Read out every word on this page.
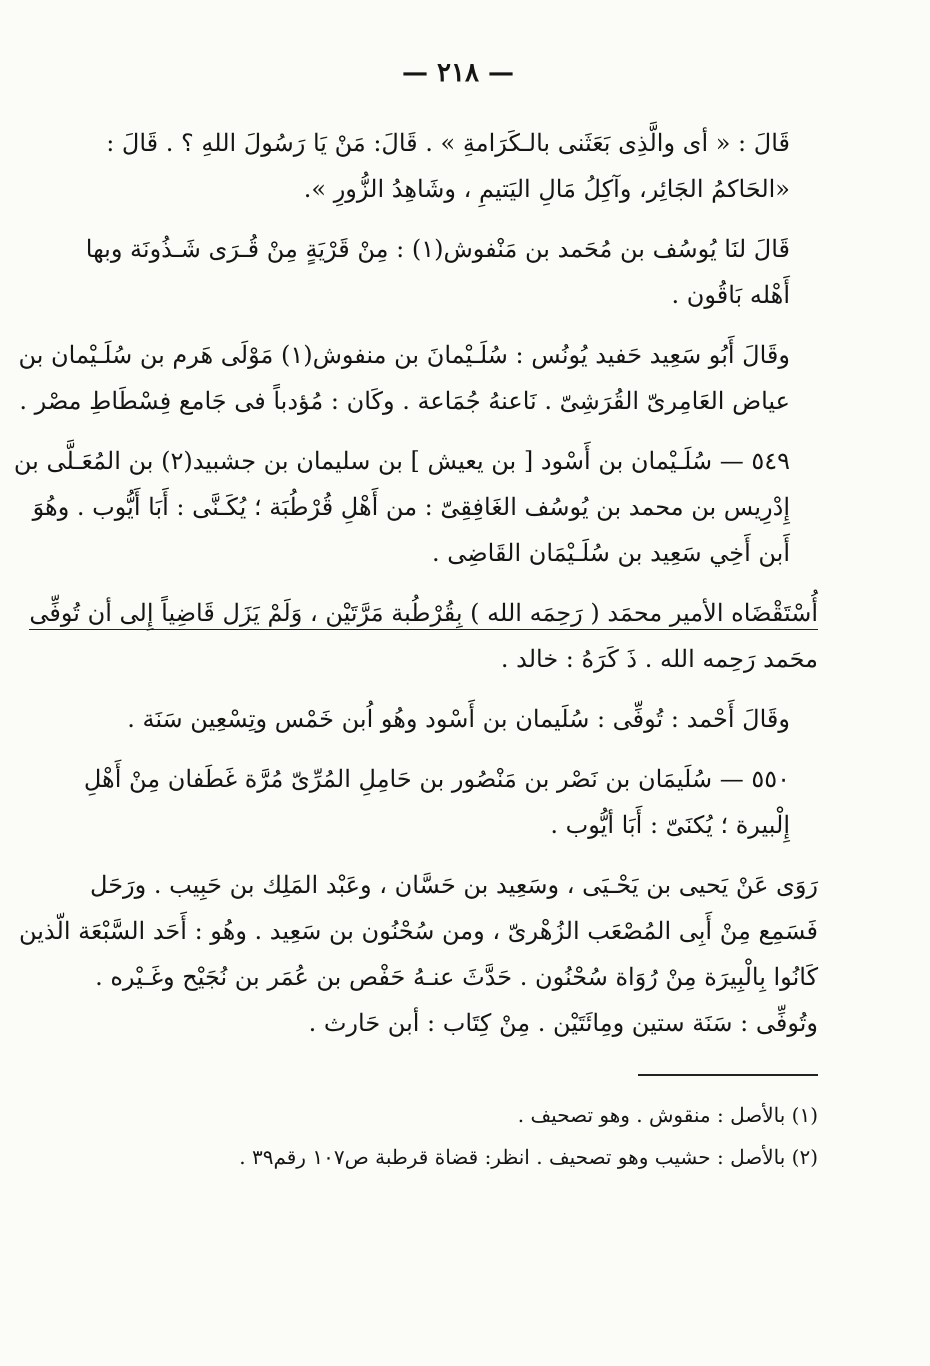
— ٢١٨ —

قَالَ : « أى والَّذِى بَعَثَنى بالـكَرَامةِ » . قَالَ: مَنْ يَا رَسُولَ اللهِ ؟ . قَالَ :
«الحَاكمُ الجَائِر، وآكِلُ مَالِ اليَتيمِ ، وشَاهِدُ الزُّورِ ».

قَالَ لنَا يُوسُف بن مُحَمد بن مَنْفوش(١) : مِنْ قَرْيَةٍ مِنْ قُـرَى شَـذُونَة وبها
أَهْله بَاقُون .

وقَالَ أَبُو سَعِيد حَفيد يُونُس : سُلَـيْمانَ بن منفوش(١) مَوْلَى هَرم بن سُلَـيْمان بن
عياض العَامِرىّ القُرَشِىّ . نَاعنهُ جُمَاعة . وكَان : مُؤدباً فى جَامع فِسْطَاطِ مصْر .

٥٤٩ — سُلَـيْمان بن أَسْود [ بن يعيش ] بن سليمان بن جشبيد(٢) بن المُعَـلَّى بن
إِدْرِيس بن محمد بن يُوسُف الغَافِقِىّ : من أَهْلِ قُرْطُبَة ؛ يُكَـنَّى : أَبَا أَيُّوب . وهُوَ
أَبن أَخِي سَعِيد بن سُلَـيْمَان القَاضِى .

أُسْتَقْضَاه الأمير محمَد ( رَحِمَه الله ) بِقُرْطُبة مَرَّتَيْن ، وَلَمْ يَزَل قَاضِياً إِلى أن تُوفِّى
محَمد رَحِمه الله . ذَ كَرَهُ : خالد .

وقَالَ أَحْمد : تُوفِّى : سُلَيمان بن أَسْود وهُو اُبن خَمْس وتِسْعِين سَنَة .

٥٥٠ — سُلَيمَان بن نَصْر بن مَنْصُور بن حَامِلِ المُرِّىّ مُرَّة غَطَفان مِنْ أَهْلِ
إِلْبيرة ؛ يُكنَىّ : أَبَا أيُّوب .

رَوَى عَنْ يَحيى بن يَحْـيَى ، وسَعِيد بن حَسَّان ، وعَبْد المَلِك بن حَبِيب . ورَحَل
فَسَمِع مِنْ أَبِى المُصْعَب الزُهْرىّ ، ومن سُحْنُون بن سَعِيد . وهُو : أَحَد السَّبْعَة الّذين
كَانُوا بِالْبِيرَة مِنْ رُوَاة سُحْنُون . حَدَّثَ عنـهُ حَفْص بن عُمَر بن نُجَيْح وغَـيْره .
وتُوفِّى : سَنَة ستين ومِائَتَيْن . مِنْ كِتَاب : أبن حَارث .

(١) بالأصل : منقوش . وهو تصحيف .
(٢) بالأصل : حشيب وهو تصحيف . انظر: قضاة قرطبة ص١٠٧ رقم٣٩ .
